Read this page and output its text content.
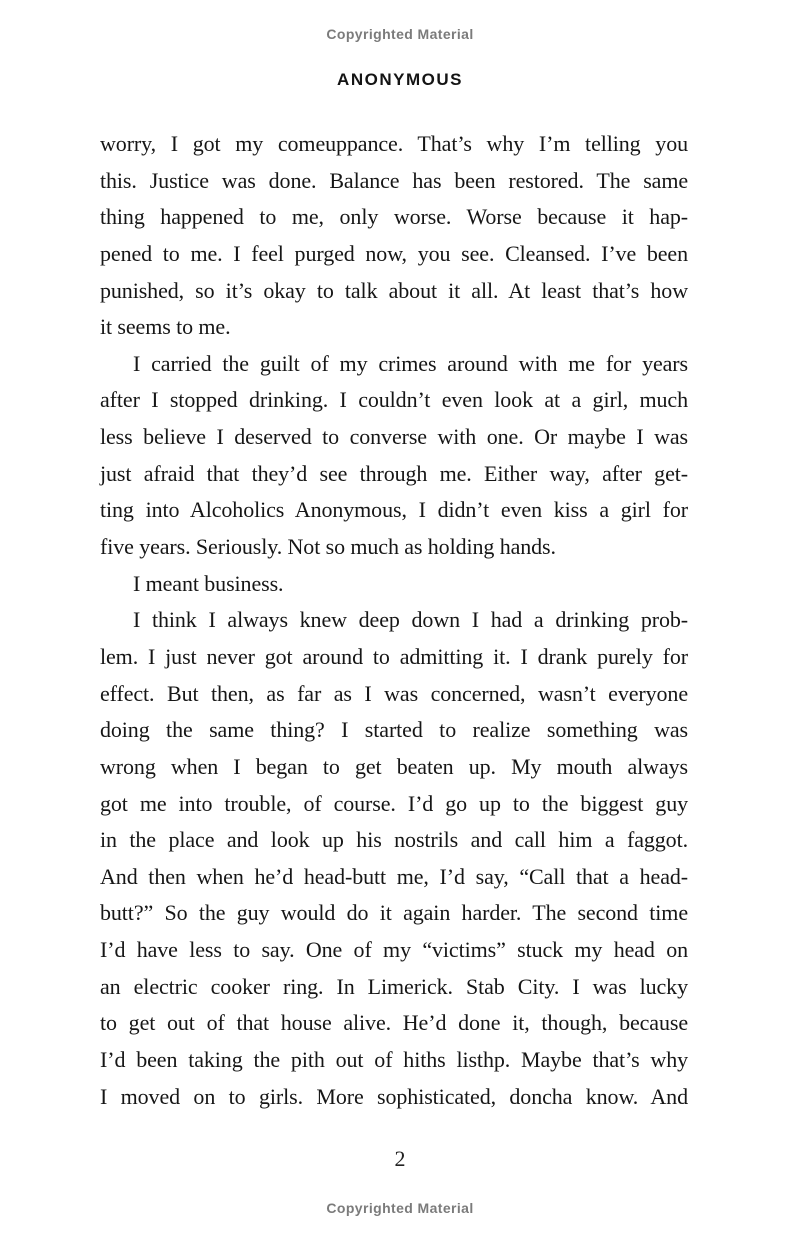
Copyrighted Material
ANONYMOUS
worry, I got my comeuppance. That’s why I’m telling you
this. Justice was done. Balance has been restored. The same
thing happened to me, only worse. Worse because it hap-
pened to me. I feel purged now, you see. Cleansed. I’ve been
punished, so it’s okay to talk about it all. At least that’s how
it seems to me.
I carried the guilt of my crimes around with me for years
after I stopped drinking. I couldn’t even look at a girl, much
less believe I deserved to converse with one. Or maybe I was
just afraid that they’d see through me. Either way, after get-
ting into Alcoholics Anonymous, I didn’t even kiss a girl for
five years. Seriously. Not so much as holding hands.
I meant business.
I think I always knew deep down I had a drinking prob-
lem. I just never got around to admitting it. I drank purely for
effect. But then, as far as I was concerned, wasn’t everyone
doing the same thing? I started to realize something was
wrong when I began to get beaten up. My mouth always
got me into trouble, of course. I’d go up to the biggest guy
in the place and look up his nostrils and call him a faggot.
And then when he’d head-butt me, I’d say, “Call that a head-
butt?” So the guy would do it again harder. The second time
I’d have less to say. One of my “victims” stuck my head on
an electric cooker ring. In Limerick. Stab City. I was lucky
to get out of that house alive. He’d done it, though, because
I’d been taking the pith out of hiths listhp. Maybe that’s why
I moved on to girls. More sophisticated, doncha know. And
2
Copyrighted Material
